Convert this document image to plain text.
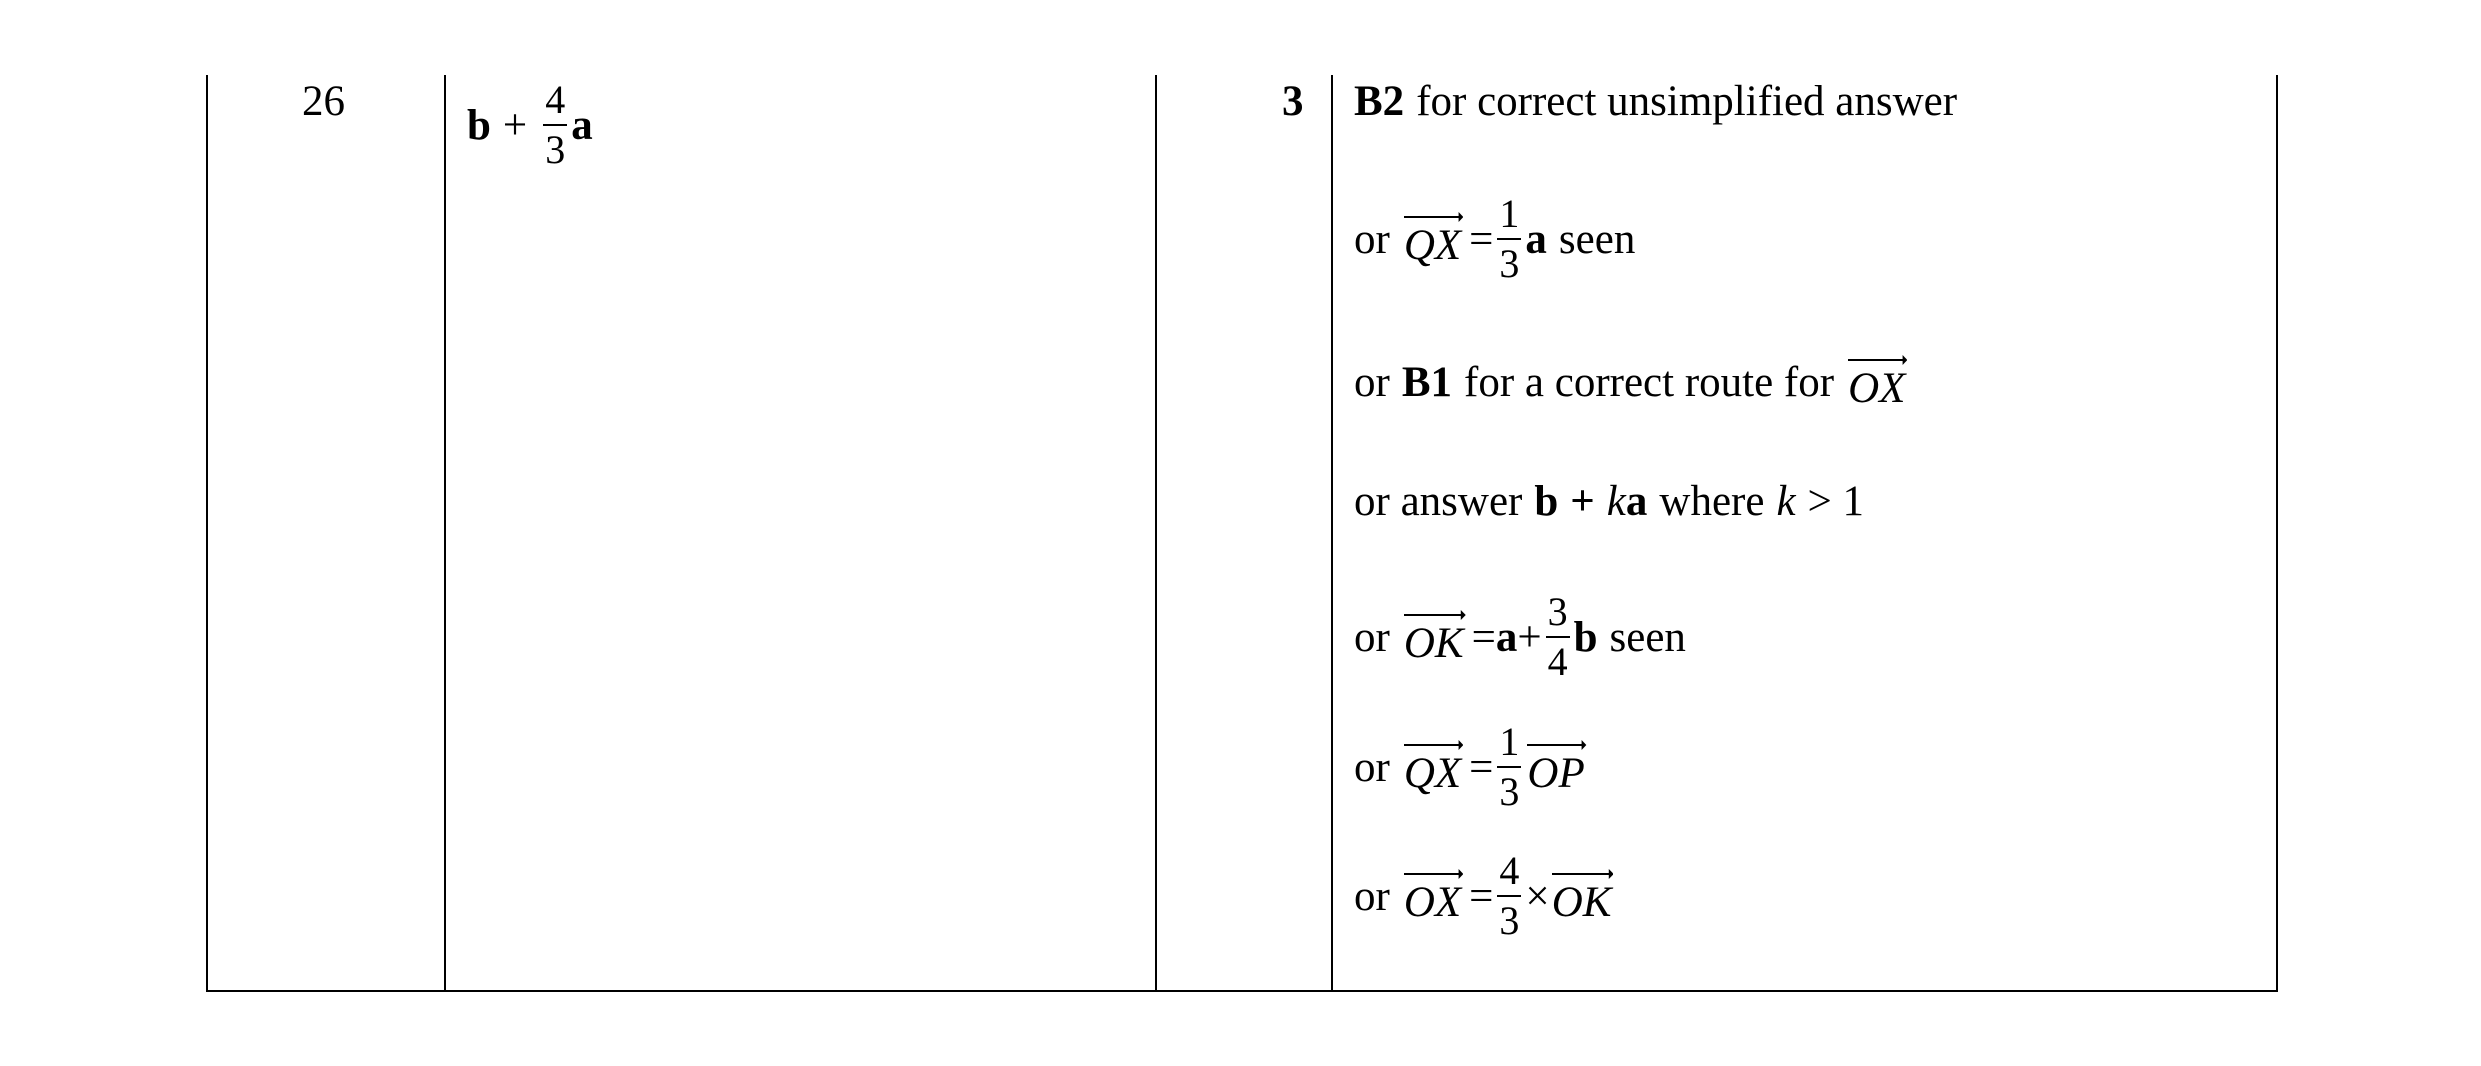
26	$b + \frac{4}{3}$ a	3 B2 for correct unsimplified answer
or QX = $\frac{1}{3}$ a seen
or B1 for a correct route for OX
or answer b + k a where k > 1
or OK = $a + \frac{3}{4}$ b seen
or QX = $\frac{1}{3}$ OP
or OX = $\frac{4}{3}$ × OK
